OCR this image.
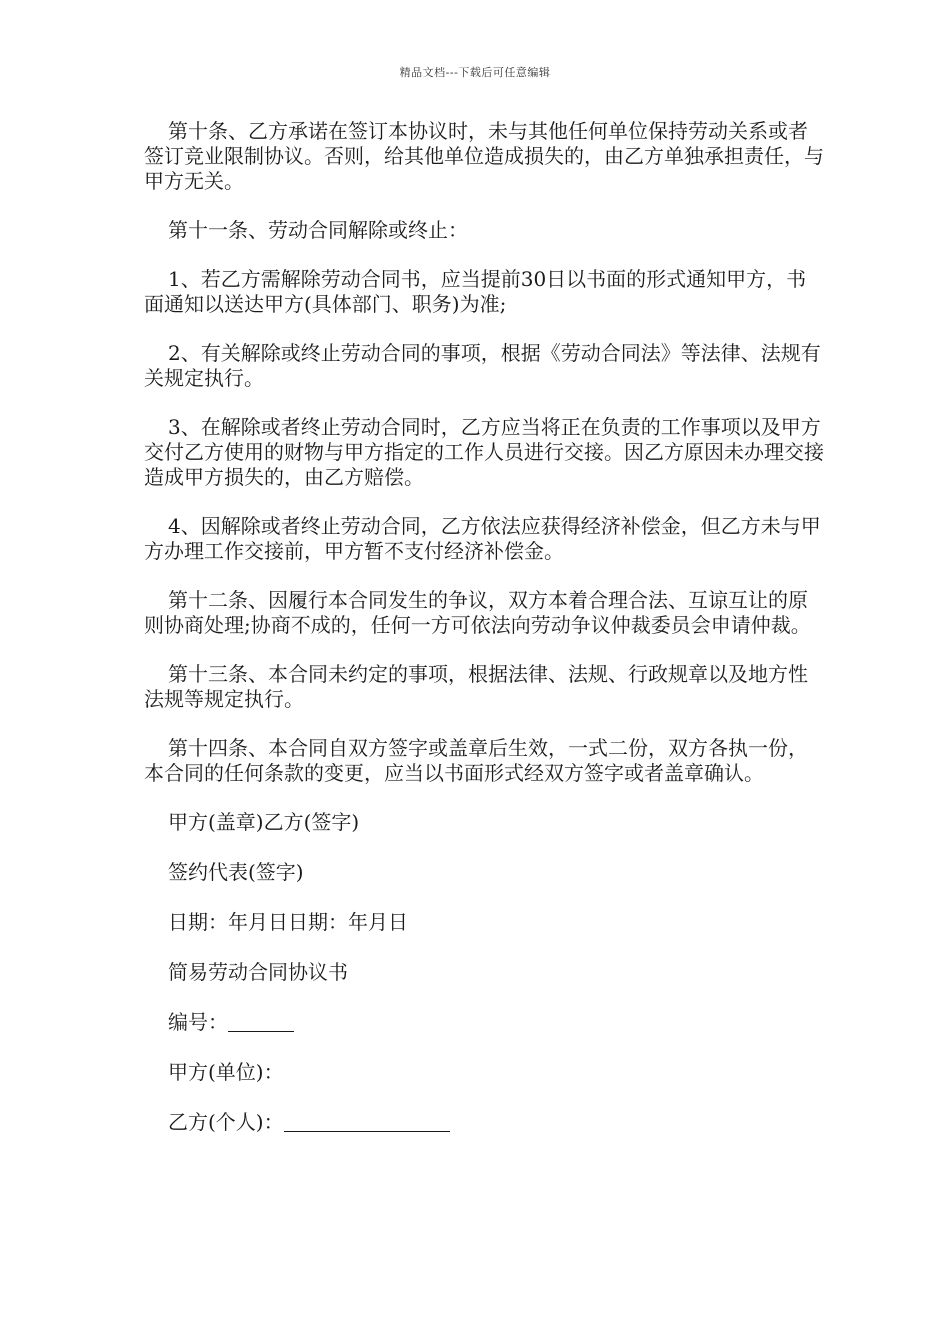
精品文档---下载后可任意编辑

第十条、乙方承诺在签订本协议时，未与其他任何单位保持劳动关系或者签订竞业限制协议。否则，给其他单位造成损失的，由乙方单独承担责任，与甲方无关。

第十一条、劳动合同解除或终止：

1、若乙方需解除劳动合同书，应当提前30日以书面的形式通知甲方，书面通知以送达甲方(具体部门、职务)为准;

2、有关解除或终止劳动合同的事项，根据《劳动合同法》等法律、法规有关规定执行。

3、在解除或者终止劳动合同时，乙方应当将正在负责的工作事项以及甲方交付乙方使用的财物与甲方指定的工作人员进行交接。因乙方原因未办理交接造成甲方损失的，由乙方赔偿。

4、因解除或者终止劳动合同，乙方依法应获得经济补偿金，但乙方未与甲方办理工作交接前，甲方暂不支付经济补偿金。

第十二条、因履行本合同发生的争议，双方本着合理合法、互谅互让的原则协商处理;协商不成的，任何一方可依法向劳动争议仲裁委员会申请仲裁。

第十三条、本合同未约定的事项，根据法律、法规、行政规章以及地方性法规等规定执行。

第十四条、本合同自双方签字或盖章后生效，一式二份，双方各执一份，本合同的任何条款的变更，应当以书面形式经双方签字或者盖章确认。

甲方(盖章)乙方(签字)
签约代表(签字)
日期：年月日日期：年月日
简易劳动合同协议书
编号：
甲方(单位)：
乙方(个人)：
